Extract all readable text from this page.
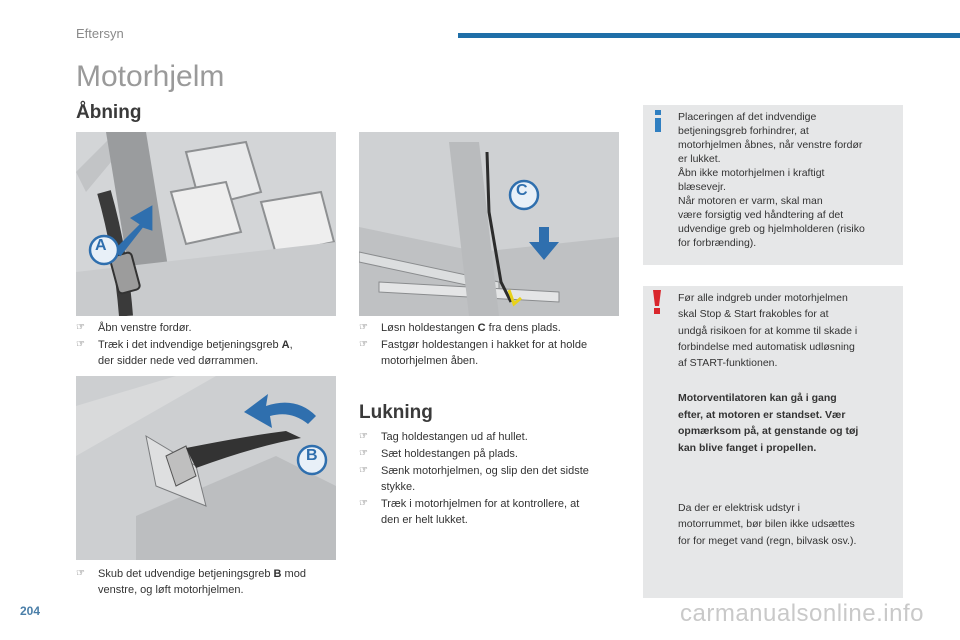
Eftersyn
Motorhjelm
Åbning
A
C
☞ Åbn venstre fordør.
☞ Træk i det indvendige betjeningsgreb A,
der sidder nede ved dørrammen.
☞ Løsn holdestangen C fra dens plads.
☞ Fastgør holdestangen i hakket for at holde
motorhjelmen åben.
B
☞ Skub det udvendige betjeningsgreb B mod
venstre, og løft motorhjelmen.
Lukning
☞ Tag holdestangen ud af hullet.
☞ Sæt holdestangen på plads.
☞ Sænk motorhjelmen, og slip den det sidste
stykke.
☞ Træk i motorhjelmen for at kontrollere, at
den er helt lukket.
Placeringen af det indvendige
betjeningsgreb forhindrer, at
motorhjelmen åbnes, når venstre fordør
er lukket.
Åbn ikke motorhjelmen i kraftigt
blæsevejr.
Når motoren er varm, skal man
være forsigtig ved håndtering af det
udvendige greb og hjelmholderen (risiko
for forbrænding).
Før alle indgreb under motorhjelmen
skal Stop & Start frakobles for at
undgå risikoen for at komme til skade i
forbindelse med automatisk udløsning
af START-funktionen.
Motorventilatoren kan gå i gang
efter, at motoren er standset. Vær
opmærksom på, at genstande og tøj
kan blive fanget i propellen.
Da der er elektrisk udstyr i
motorrummet, bør bilen ikke udsættes
for for meget vand (regn, bilvask osv.).
204	carmanualsonline.info
